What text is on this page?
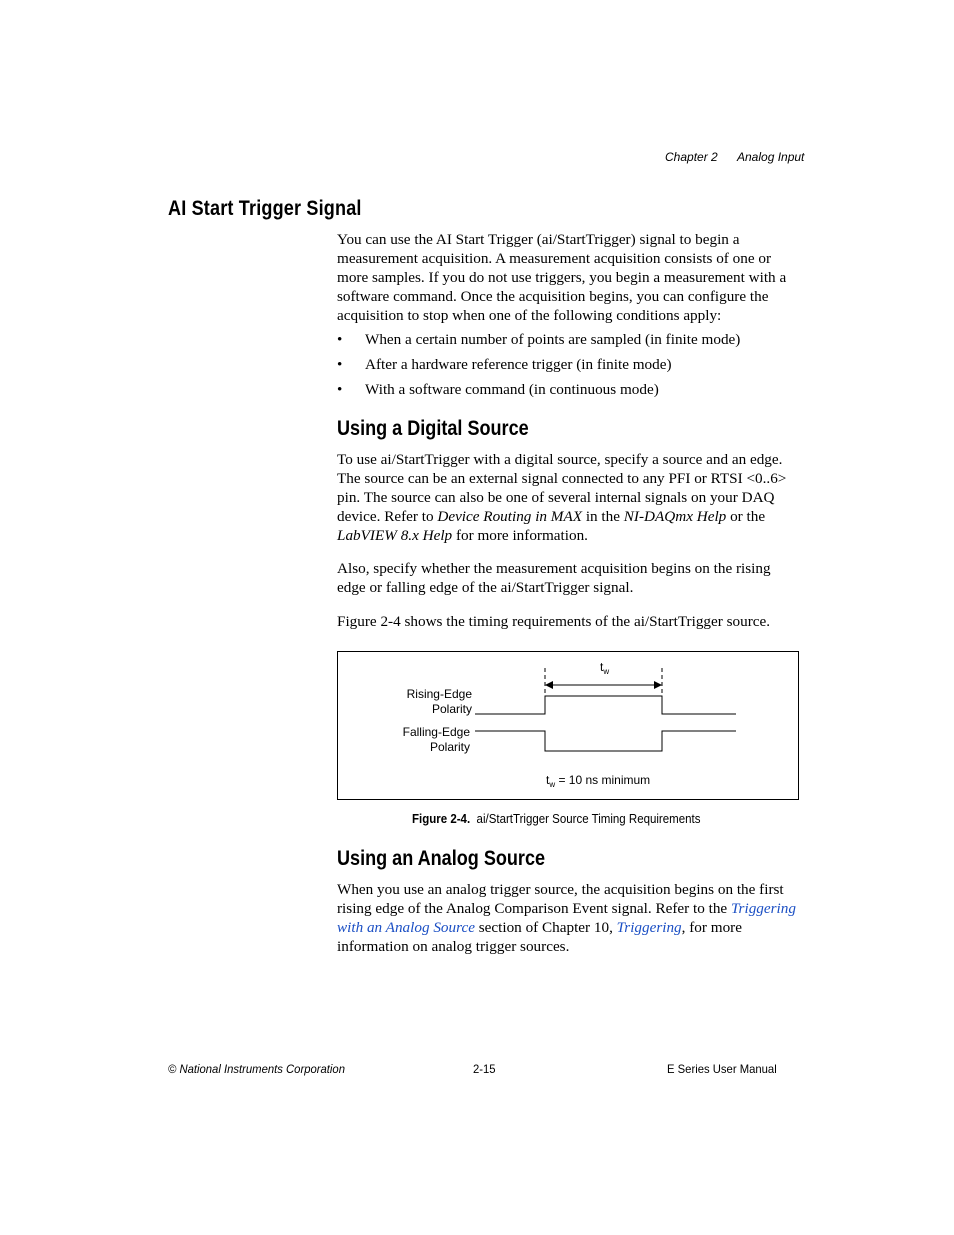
Chapter 2 Analog Input
AI Start Trigger Signal
You can use the AI Start Trigger (ai/StartTrigger) signal to begin a measurement acquisition. A measurement acquisition consists of one or more samples. If you do not use triggers, you begin a measurement with a software command. Once the acquisition begins, you can configure the acquisition to stop when one of the following conditions apply:
• When a certain number of points are sampled (in finite mode)
• After a hardware reference trigger (in finite mode)
• With a software command (in continuous mode)
Using a Digital Source
To use ai/StartTrigger with a digital source, specify a source and an edge. The source can be an external signal connected to any PFI or RTSI <0..6> pin. The source can also be one of several internal signals on your DAQ device. Refer to Device Routing in MAX in the NI-DAQmx Help or the LabVIEW 8.x Help for more information.
Also, specify whether the measurement acquisition begins on the rising edge or falling edge of the ai/StartTrigger signal.
Figure 2-4 shows the timing requirements of the ai/StartTrigger source.
$t_w$
Rising-Edge
Polarity
Falling-Edge
Polarity
$t_w = 10$ ns minimum
Figure 2-4. ai/StartTrigger Source Timing Requirements
Using an Analog Source
When you use an analog trigger source, the acquisition begins on the first rising edge of the Analog Comparison Event signal. Refer to the Triggering with an Analog Source section of Chapter 10, Triggering, for more information on analog trigger sources.
© National Instruments Corporation	2-15	E Series User Manual
